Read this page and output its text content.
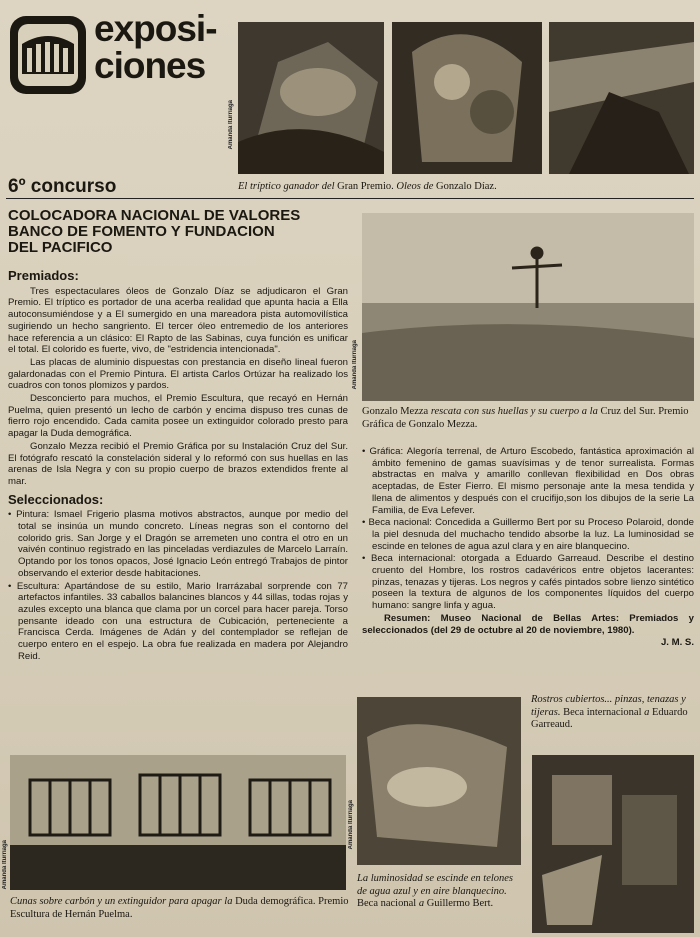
exposi-
ciones
Amanda Iturriaga
6º concurso	El tríptico ganador del Gran Premio. Oleos de Gonzalo Díaz.
COLOCADORA NACIONAL DE VALORES
BANCO DE FOMENTO Y FUNDACION
DEL PACIFICO
Premiados:

Tres espectaculares óleos de Gonzalo Díaz se adjudicaron el Gran Premio. El tríptico es portador de una acerba realidad que apunta hacia a Ella autoconsumiéndose y a El sumergido en una mareadora pista automovilística sugiriendo un hecho sangriento. El tercer óleo entremedio de los anteriores hace referencia a un clásico: El Rapto de las Sabinas, cuya función es unificar el total. El colorido es fuerte, vivo, de "estridencia intencionada".

Las placas de aluminio dispuestas con prestancia en diseño lineal fueron galardonadas con el Premio Pintura. El artista Carlos Ortúzar ha realizado los cuadros con tonos plomizos y pardos.

Desconcierto para muchos, el Premio Escultura, que recayó en Hernán Puelma, quien presentó un lecho de carbón y encima dispuso tres cunas de fierro rojo encendido. Cada camita posee un extinguidor colorado presto para apagar la Duda demográfica.

Gonzalo Mezza recibió el Premio Gráfica por su Instalación Cruz del Sur. El fotógrafo rescató la constelación sideral y lo reformó con sus huellas en las arenas de Isla Negra y con su propio cuerpo de brazos extendidos frente al mar.

Seleccionados:
• Pintura: Ismael Frigerio plasma motivos abstractos, aunque por medio del total se insinúa un mundo concreto. Líneas negras son el contorno del colorido gris. San Jorge y el Dragón se arremeten uno contra el otro en un vaivén continuo registrado en las pinceladas verdiazules de Marcelo Larraín. Optando por los tonos opacos, José Ignacio León entregó Trabajos de pintor observando el exterior desde habitaciones.
• Escultura: Apartándose de su estilo, Mario Irarrázabal sorprende con 77 artefactos infantiles. 33 caballos balancines blancos y 44 sillas, todas rojas y azules excepto una blanca que clama por un corcel para hacer pareja. Torso pensante ideado con una estructura de Cubicación, perteneciente a Francisca Cerda. Imágenes de Adán y del contemplador se reflejan de cuerpo entero en el espejo. La obra fue realizada en madera por Alejandro Reid.
Amanda Iturriaga
Gonzalo Mezza rescata con sus huellas y su cuerpo a la Cruz del Sur. Premio Gráfica de Gonzalo Mezza.
• Gráfica: Alegoría terrenal, de Arturo Escobedo, fantástica aproximación al ámbito femenino de gamas suavísimas y de tenor surrealista. Formas abstractas en malva y amarillo conllevan flexibilidad en Dos obras aceptadas, de Ester Fierro. El mismo personaje ante la mesa tendida y llena de alimentos y después con el crucifijo,son los dibujos de la serie La Familia, de Eva Lefever.
• Beca nacional: Concedida a Guillermo Bert por su Proceso Polaroid, donde la piel desnuda del muchacho tendido absorbe la luz. La luminosidad se escinde en telones de agua azul clara y en aire blanquecino.
• Beca internacional: otorgada a Eduardo Garreaud. Describe el destino cruento del Hombre, los rostros cadavéricos entre objetos lacerantes: pinzas, tenazas y tijeras. Los negros y cafés pintados sobre lienzo sintético poseen la textura de algunos de los componentes líquidos del cuerpo humano: sangre linfa y agua.

Resumen: Museo Nacional de Bellas Artes: Premiados y seleccionados (del 29 de octubre al 20 de noviembre, 1980).

J. M. S.
Amanda Iturriaga
La luminosidad se escinde en telones de agua azul y en aire blanquecino. Beca nacional a Guillermo Bert.
Rostros cubiertos... pinzas, tenazas y tijeras. Beca internacional a Eduardo Garreaud.
Amanda Iturriaga
Cunas sobre carbón y un extinguidor para apagar la Duda demográfica. Premio Escultura de Hernán Puelma.
